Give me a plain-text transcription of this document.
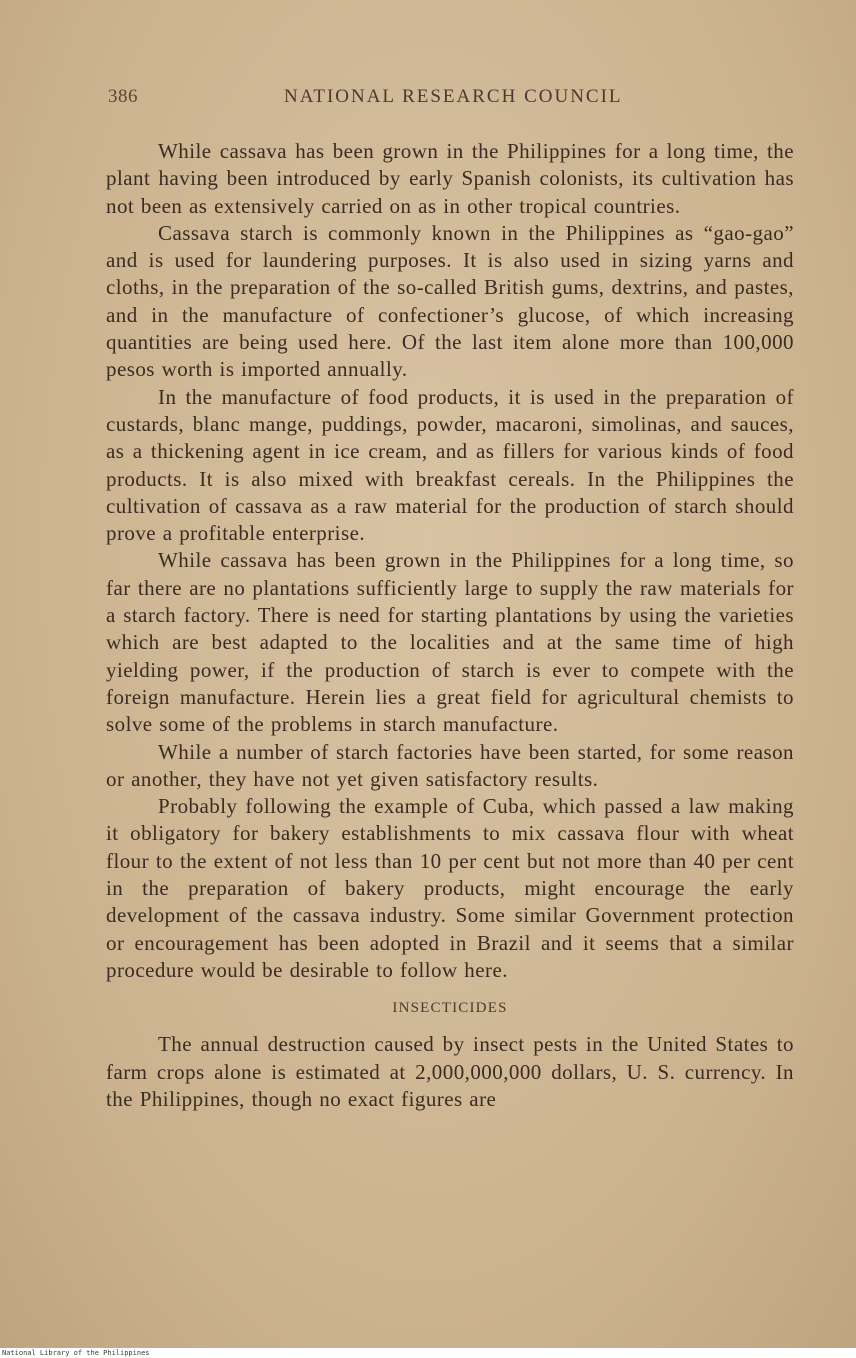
386	NATIONAL RESEARCH COUNCIL

While cassava has been grown in the Philippines for a long time, the plant having been introduced by early Spanish colonists, its cultivation has not been as extensively carried on as in other tropical countries.

Cassava starch is commonly known in the Philippines as “gao-gao” and is used for laundering purposes. It is also used in sizing yarns and cloths, in the preparation of the so-called British gums, dextrins, and pastes, and in the manufacture of confectioner’s glucose, of which increasing quantities are being used here. Of the last item alone more than 100,000 pesos worth is imported annually.

In the manufacture of food products, it is used in the preparation of custards, blanc mange, puddings, powder, macaroni, simolinas, and sauces, as a thickening agent in ice cream, and as fillers for various kinds of food products. It is also mixed with breakfast cereals. In the Philippines the cultivation of cassava as a raw material for the production of starch should prove a profitable enterprise.

While cassava has been grown in the Philippines for a long time, so far there are no plantations sufficiently large to supply the raw materials for a starch factory. There is need for starting plantations by using the varieties which are best adapted to the localities and at the same time of high yielding power, if the production of starch is ever to compete with the foreign manufacture. Herein lies a great field for agricultural chemists to solve some of the problems in starch manufacture.

While a number of starch factories have been started, for some reason or another, they have not yet given satisfactory results.

Probably following the example of Cuba, which passed a law making it obligatory for bakery establishments to mix cassava flour with wheat flour to the extent of not less than 10 per cent but not more than 40 per cent in the preparation of bakery products, might encourage the early development of the cassava industry. Some similar Government protection or encouragement has been adopted in Brazil and it seems that a similar procedure would be desirable to follow here.

INSECTICIDES

The annual destruction caused by insect pests in the United States to farm crops alone is estimated at 2,000,000,000 dollars, U. S. currency. In the Philippines, though no exact figures are

National Library of the Philippines
